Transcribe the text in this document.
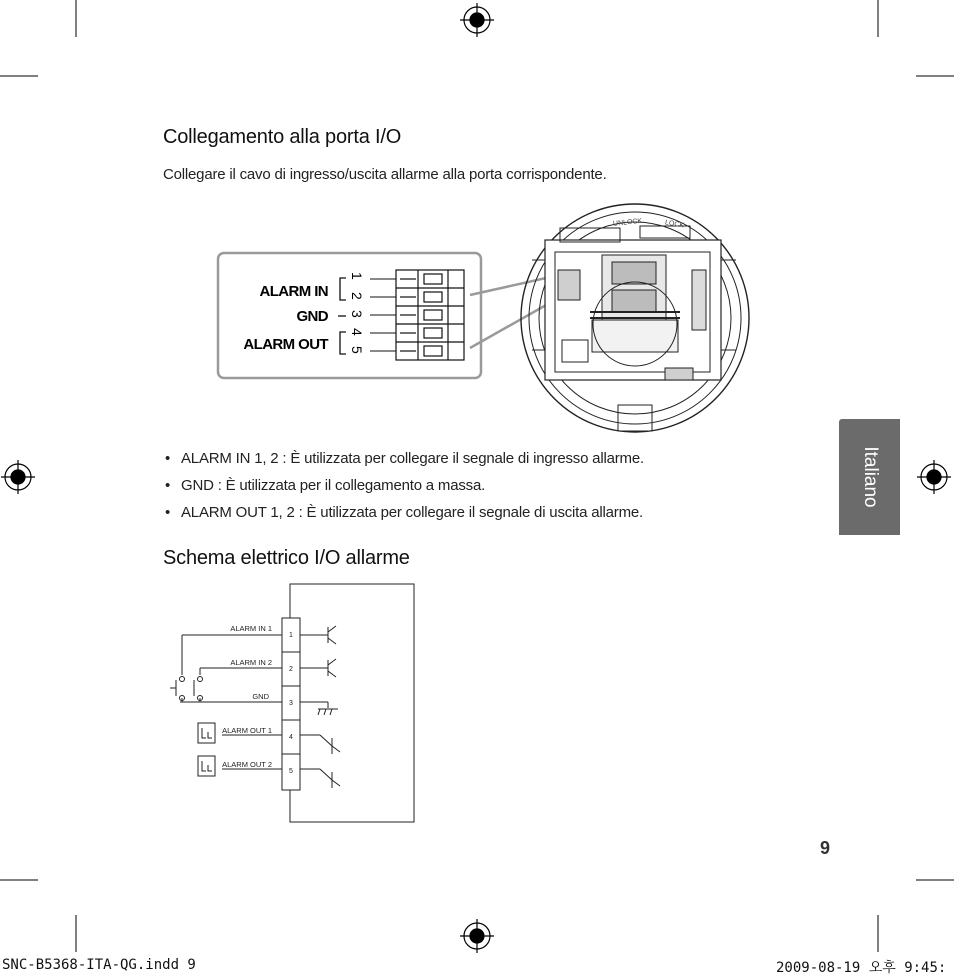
Collegamento alla porta I/O
Collegare il cavo di ingresso/uscita allarme alla porta corrispondente.
ALARM IN
GND
ALARM OUT
1
2
3
4
5
UNLOCK	LOCK
• ALARM IN 1, 2 : È utilizzata per collegare il segnale di ingresso allarme.
• GND : È utilizzata per il collegamento a massa.
• ALARM OUT 1, 2 : È utilizzata per collegare il segnale di uscita allarme.
Schema elettrico I/O allarme
ALARM IN 1
ALARM IN 2
GND
ALARM OUT 1
ALARM OUT 2
1
2
3
4
5
Italiano
9
SNC-B5368-ITA-QG.indd 9	2009-08-19 오후 9:45:
